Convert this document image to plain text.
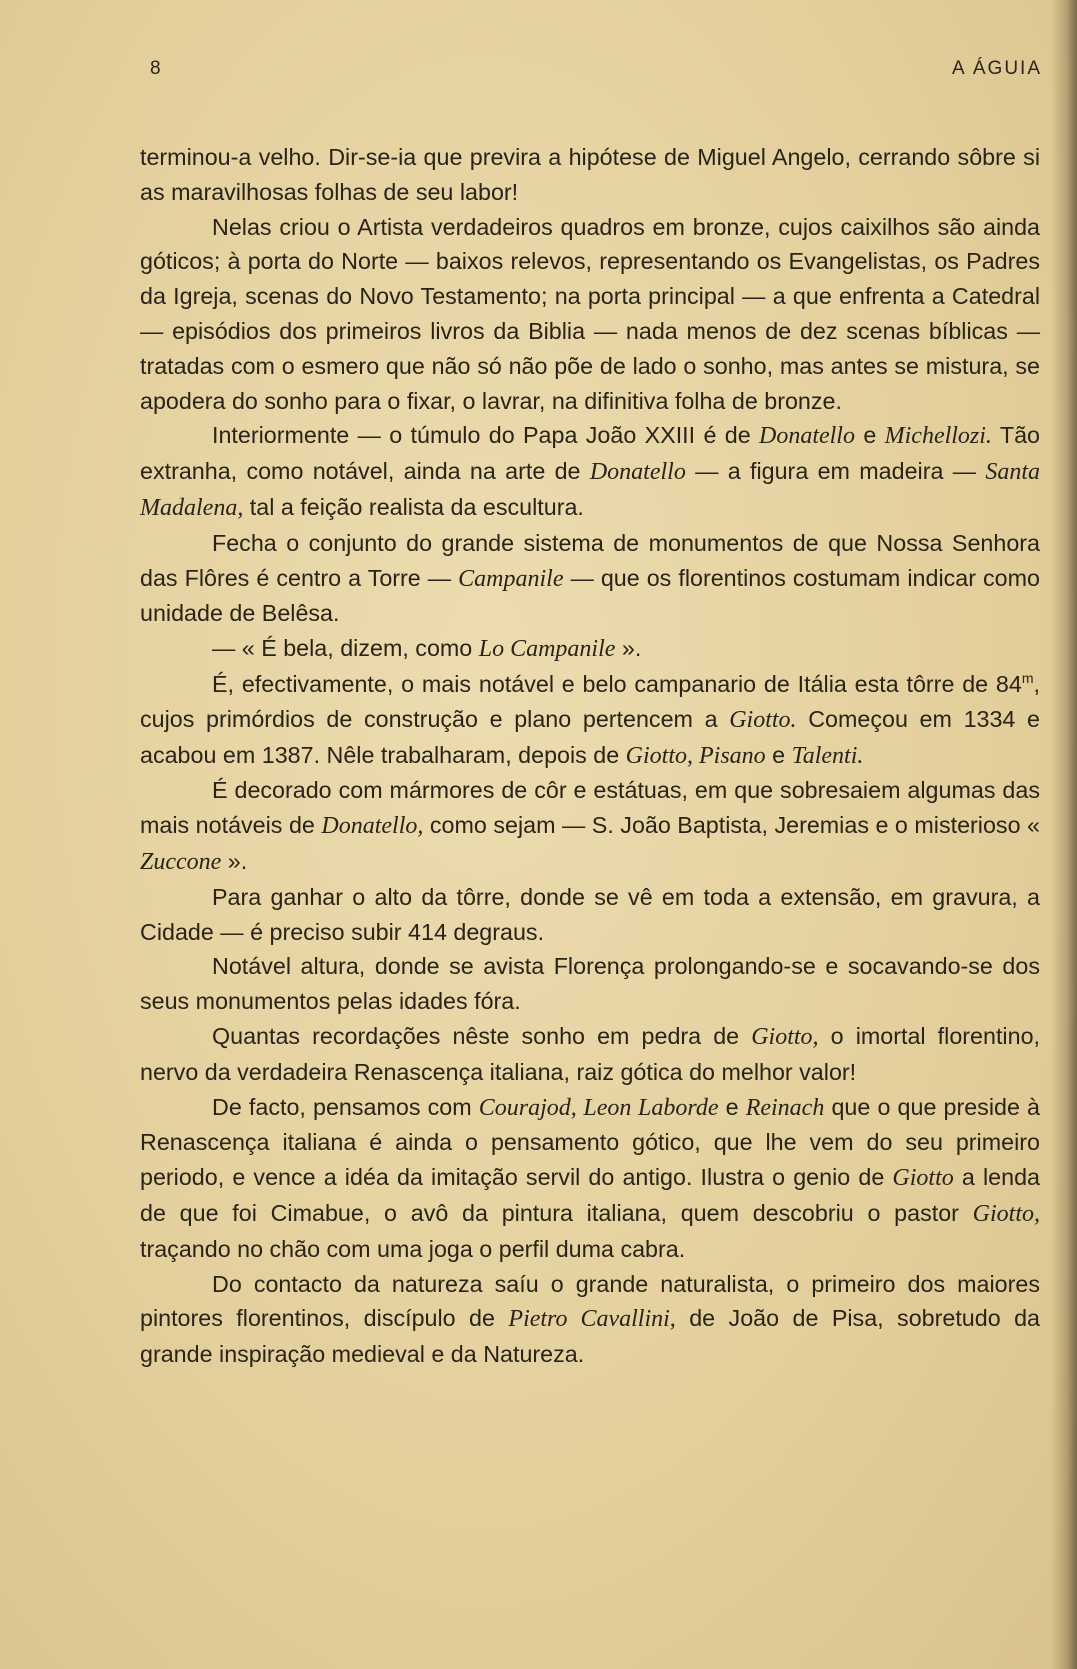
8	A ÁGUIA

terminou-a velho. Dir-se-ia que previra a hipótese de Miguel Angelo, cerrando sôbre si as maravilhosas folhas de seu labor!

Nelas criou o Artista verdadeiros quadros em bronze, cujos caixilhos são ainda góticos; à porta do Norte — baixos relevos, representando os Evangelistas, os Padres da Igreja, scenas do Novo Testamento; na porta principal — a que enfrenta a Catedral — episódios dos primeiros livros da Biblia — nada menos de dez scenas bíblicas — tratadas com o esmero que não só não põe de lado o sonho, mas antes se mistura, se apodera do sonho para o fixar, o lavrar, na difinitiva folha de bronze.

Interiormente — o túmulo do Papa João XXIII é de Donatello e Michellozi. Tão extranha, como notável, ainda na arte de Donatello — a figura em madeira — Santa Madalena, tal a feição realista da escultura.

Fecha o conjunto do grande sistema de monumentos de que Nossa Senhora das Flôres é centro a Torre — Campanile — que os florentinos costumam indicar como unidade de Belêsa.

— « É bela, dizem, como Lo Campanile ».

É, efectivamente, o mais notável e belo campanario de Itália esta tôrre de 84$^m$, cujos primórdios de construção e plano pertencem a Giotto. Começou em 1334 e acabou em 1387. Nêle trabalharam, depois de Giotto, Pisano e Talenti.

É decorado com mármores de côr e estátuas, em que sobresaiem algumas das mais notáveis de Donatello, como sejam — S. João Baptista, Jeremias e o misterioso « Zuccone ».

Para ganhar o alto da tôrre, donde se vê em toda a extensão, em gravura, a Cidade — é preciso subir 414 degraus.

Notável altura, donde se avista Florença prolongando-se e socavando-se dos seus monumentos pelas idades fóra.

Quantas recordações nêste sonho em pedra de Giotto, o imortal florentino, nervo da verdadeira Renascença italiana, raiz gótica do melhor valor!

De facto, pensamos com Courajod, Leon Laborde e Reinach que o que preside à Renascença italiana é ainda o pensamento gótico, que lhe vem do seu primeiro periodo, e vence a idéa da imitação servil do antigo. Ilustra o genio de Giotto a lenda de que foi Cimabue, o avô da pintura italiana, quem descobriu o pastor Giotto, traçando no chão com uma joga o perfil duma cabra.

Do contacto da natureza saíu o grande naturalista, o primeiro dos maiores pintores florentinos, discípulo de Pietro Cavallini, de João de Pisa, sobretudo da grande inspiração medieval e da Natureza.
